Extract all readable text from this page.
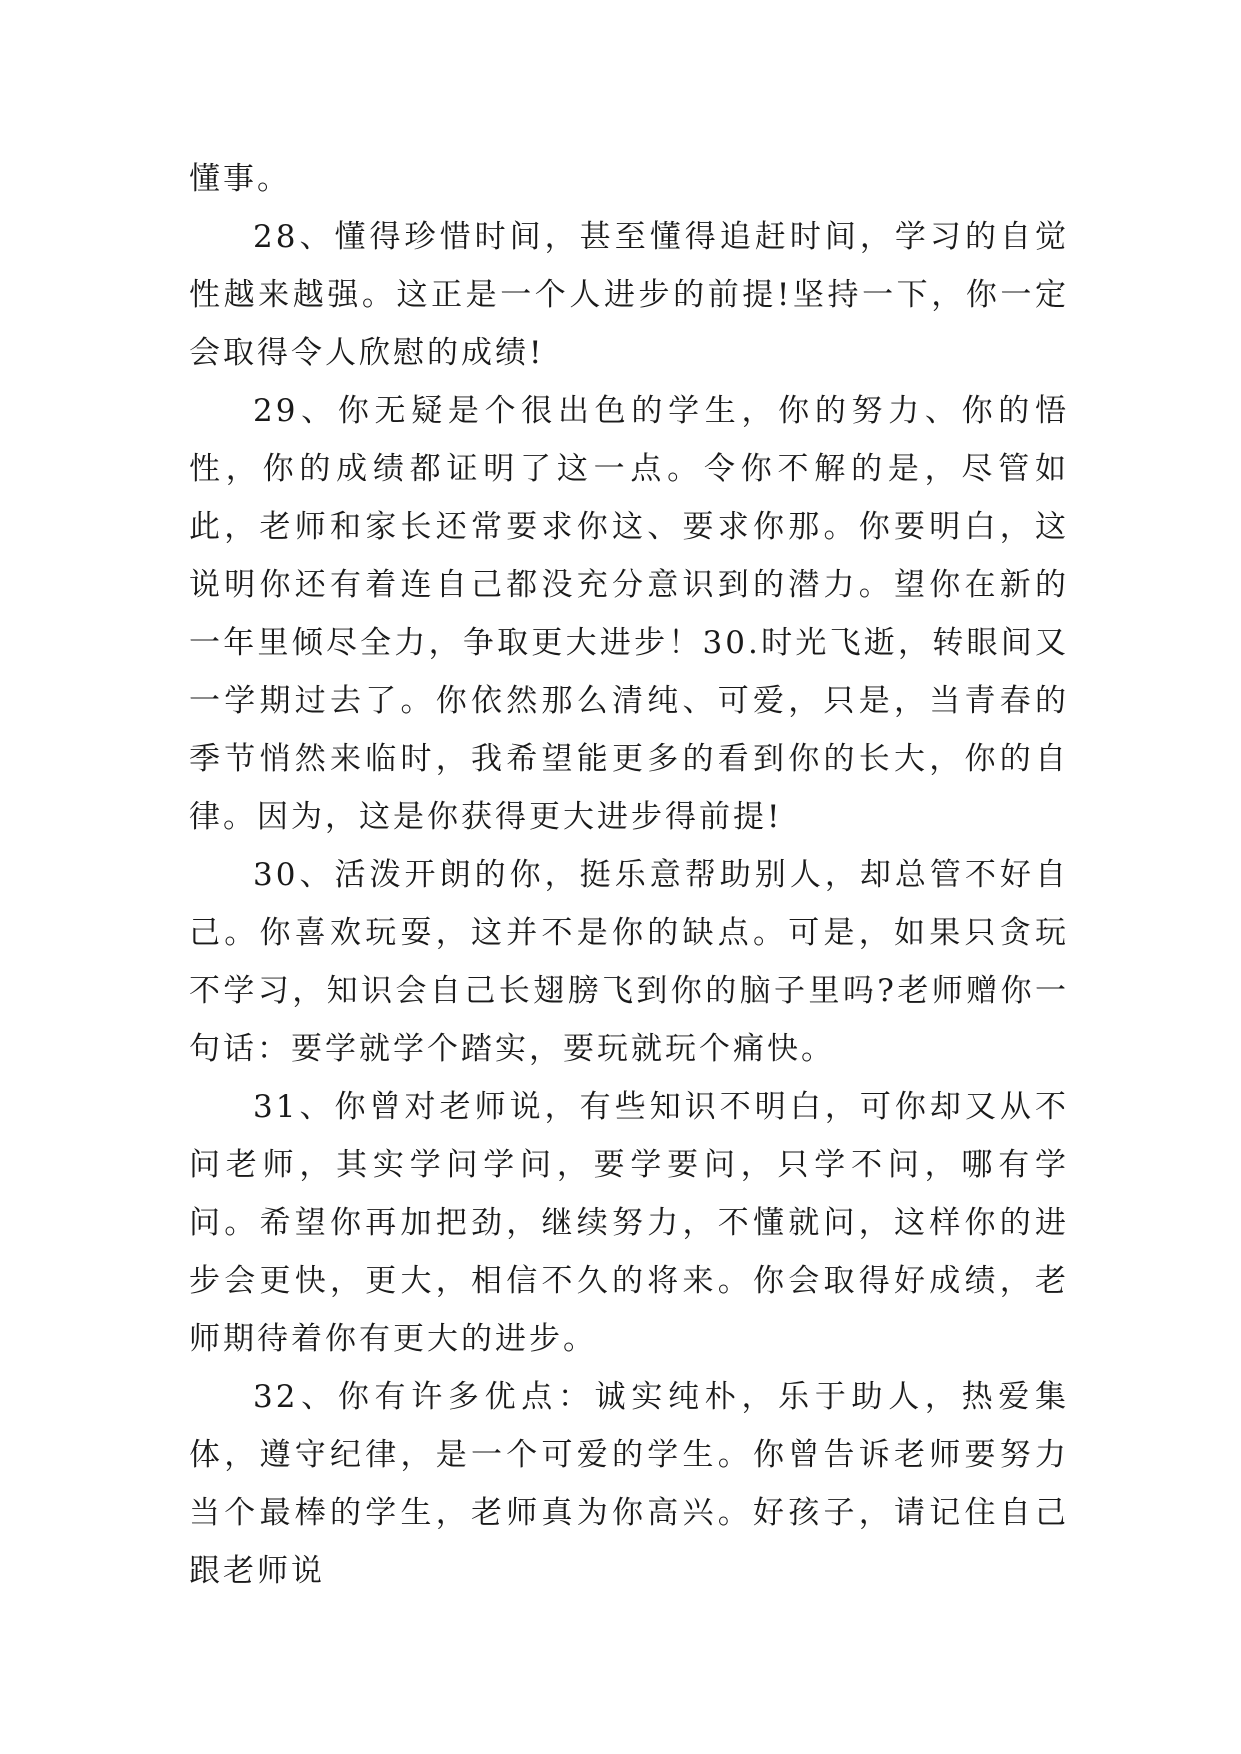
懂事。

28、懂得珍惜时间，甚至懂得追赶时间，学习的自觉性越来越强。这正是一个人进步的前提!坚持一下，你一定会取得令人欣慰的成绩!

29、你无疑是个很出色的学生，你的努力、你的悟性，你的成绩都证明了这一点。令你不解的是，尽管如此，老师和家长还常要求你这、要求你那。你要明白，这说明你还有着连自己都没充分意识到的潜力。望你在新的一年里倾尽全力，争取更大进步！30.时光飞逝，转眼间又一学期过去了。你依然那么清纯、可爱，只是，当青春的季节悄然来临时，我希望能更多的看到你的长大，你的自律。因为，这是你获得更大进步得前提!

30、活泼开朗的你，挺乐意帮助别人，却总管不好自己。你喜欢玩耍，这并不是你的缺点。可是，如果只贪玩不学习，知识会自己长翅膀飞到你的脑子里吗?老师赠你一句话：要学就学个踏实，要玩就玩个痛快。

31、你曾对老师说，有些知识不明白，可你却又从不问老师，其实学问学问，要学要问，只学不问，哪有学问。希望你再加把劲，继续努力，不懂就问，这样你的进步会更快，更大，相信不久的将来。你会取得好成绩，老师期待着你有更大的进步。

32、你有许多优点：诚实纯朴，乐于助人，热爱集体，遵守纪律，是一个可爱的学生。你曾告诉老师要努力当个最棒的学生，老师真为你高兴。好孩子，请记住自己跟老师说
